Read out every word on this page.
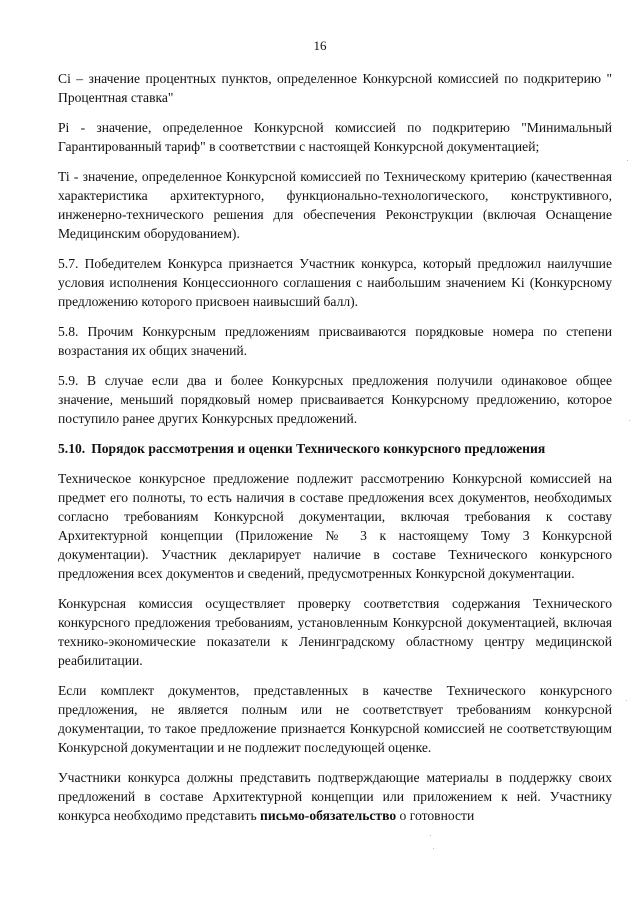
16

Ci – значение процентных пунктов, определенное Конкурсной комиссией по подкритерию " Процентная ставка"

Pi - значение, определенное Конкурсной комиссией по подкритерию "Минимальный Гарантированный тариф" в соответствии с настоящей Конкурсной документацией;

Ti - значение, определенное Конкурсной комиссией по Техническому критерию (качественная характеристика архитектурного, функционально-технологического, конструктивного, инженерно-технического решения для обеспечения Реконструкции (включая Оснащение Медицинским оборудованием).

5.7. Победителем Конкурса признается Участник конкурса, который предложил наилучшие условия исполнения Концессионного соглашения с наибольшим значением Ki (Конкурсному предложению которого присвоен наивысший балл).

5.8. Прочим Конкурсным предложениям присваиваются порядковые номера по степени возрастания их общих значений.

5.9. В случае если два и более Конкурсных предложения получили одинаковое общее значение, меньший порядковый номер присваивается Конкурсному предложению, которое поступило ранее других Конкурсных предложений.

5.10. Порядок рассмотрения и оценки Технического конкурсного предложения

Техническое конкурсное предложение подлежит рассмотрению Конкурсной комиссией на предмет его полноты, то есть наличия в составе предложения всех документов, необходимых согласно требованиям Конкурсной документации, включая требования к составу Архитектурной концепции (Приложение № 3 к настоящему Тому 3 Конкурсной документации). Участник декларирует наличие в составе Технического конкурсного предложения всех документов и сведений, предусмотренных Конкурсной документации.

Конкурсная комиссия осуществляет проверку соответствия содержания Технического конкурсного предложения требованиям, установленным Конкурсной документацией, включая технико-экономические показатели к Ленинградскому областному центру медицинской реабилитации.

Если комплект документов, представленных в качестве Технического конкурсного предложения, не является полным или не соответствует требованиям конкурсной документации, то такое предложение признается Конкурсной комиссией не соответствующим Конкурсной документации и не подлежит последующей оценке.

Участники конкурса должны представить подтверждающие материалы в поддержку своих предложений в составе Архитектурной концепции или приложением к ней. Участнику конкурса необходимо представить письмо-обязательство о готовности
